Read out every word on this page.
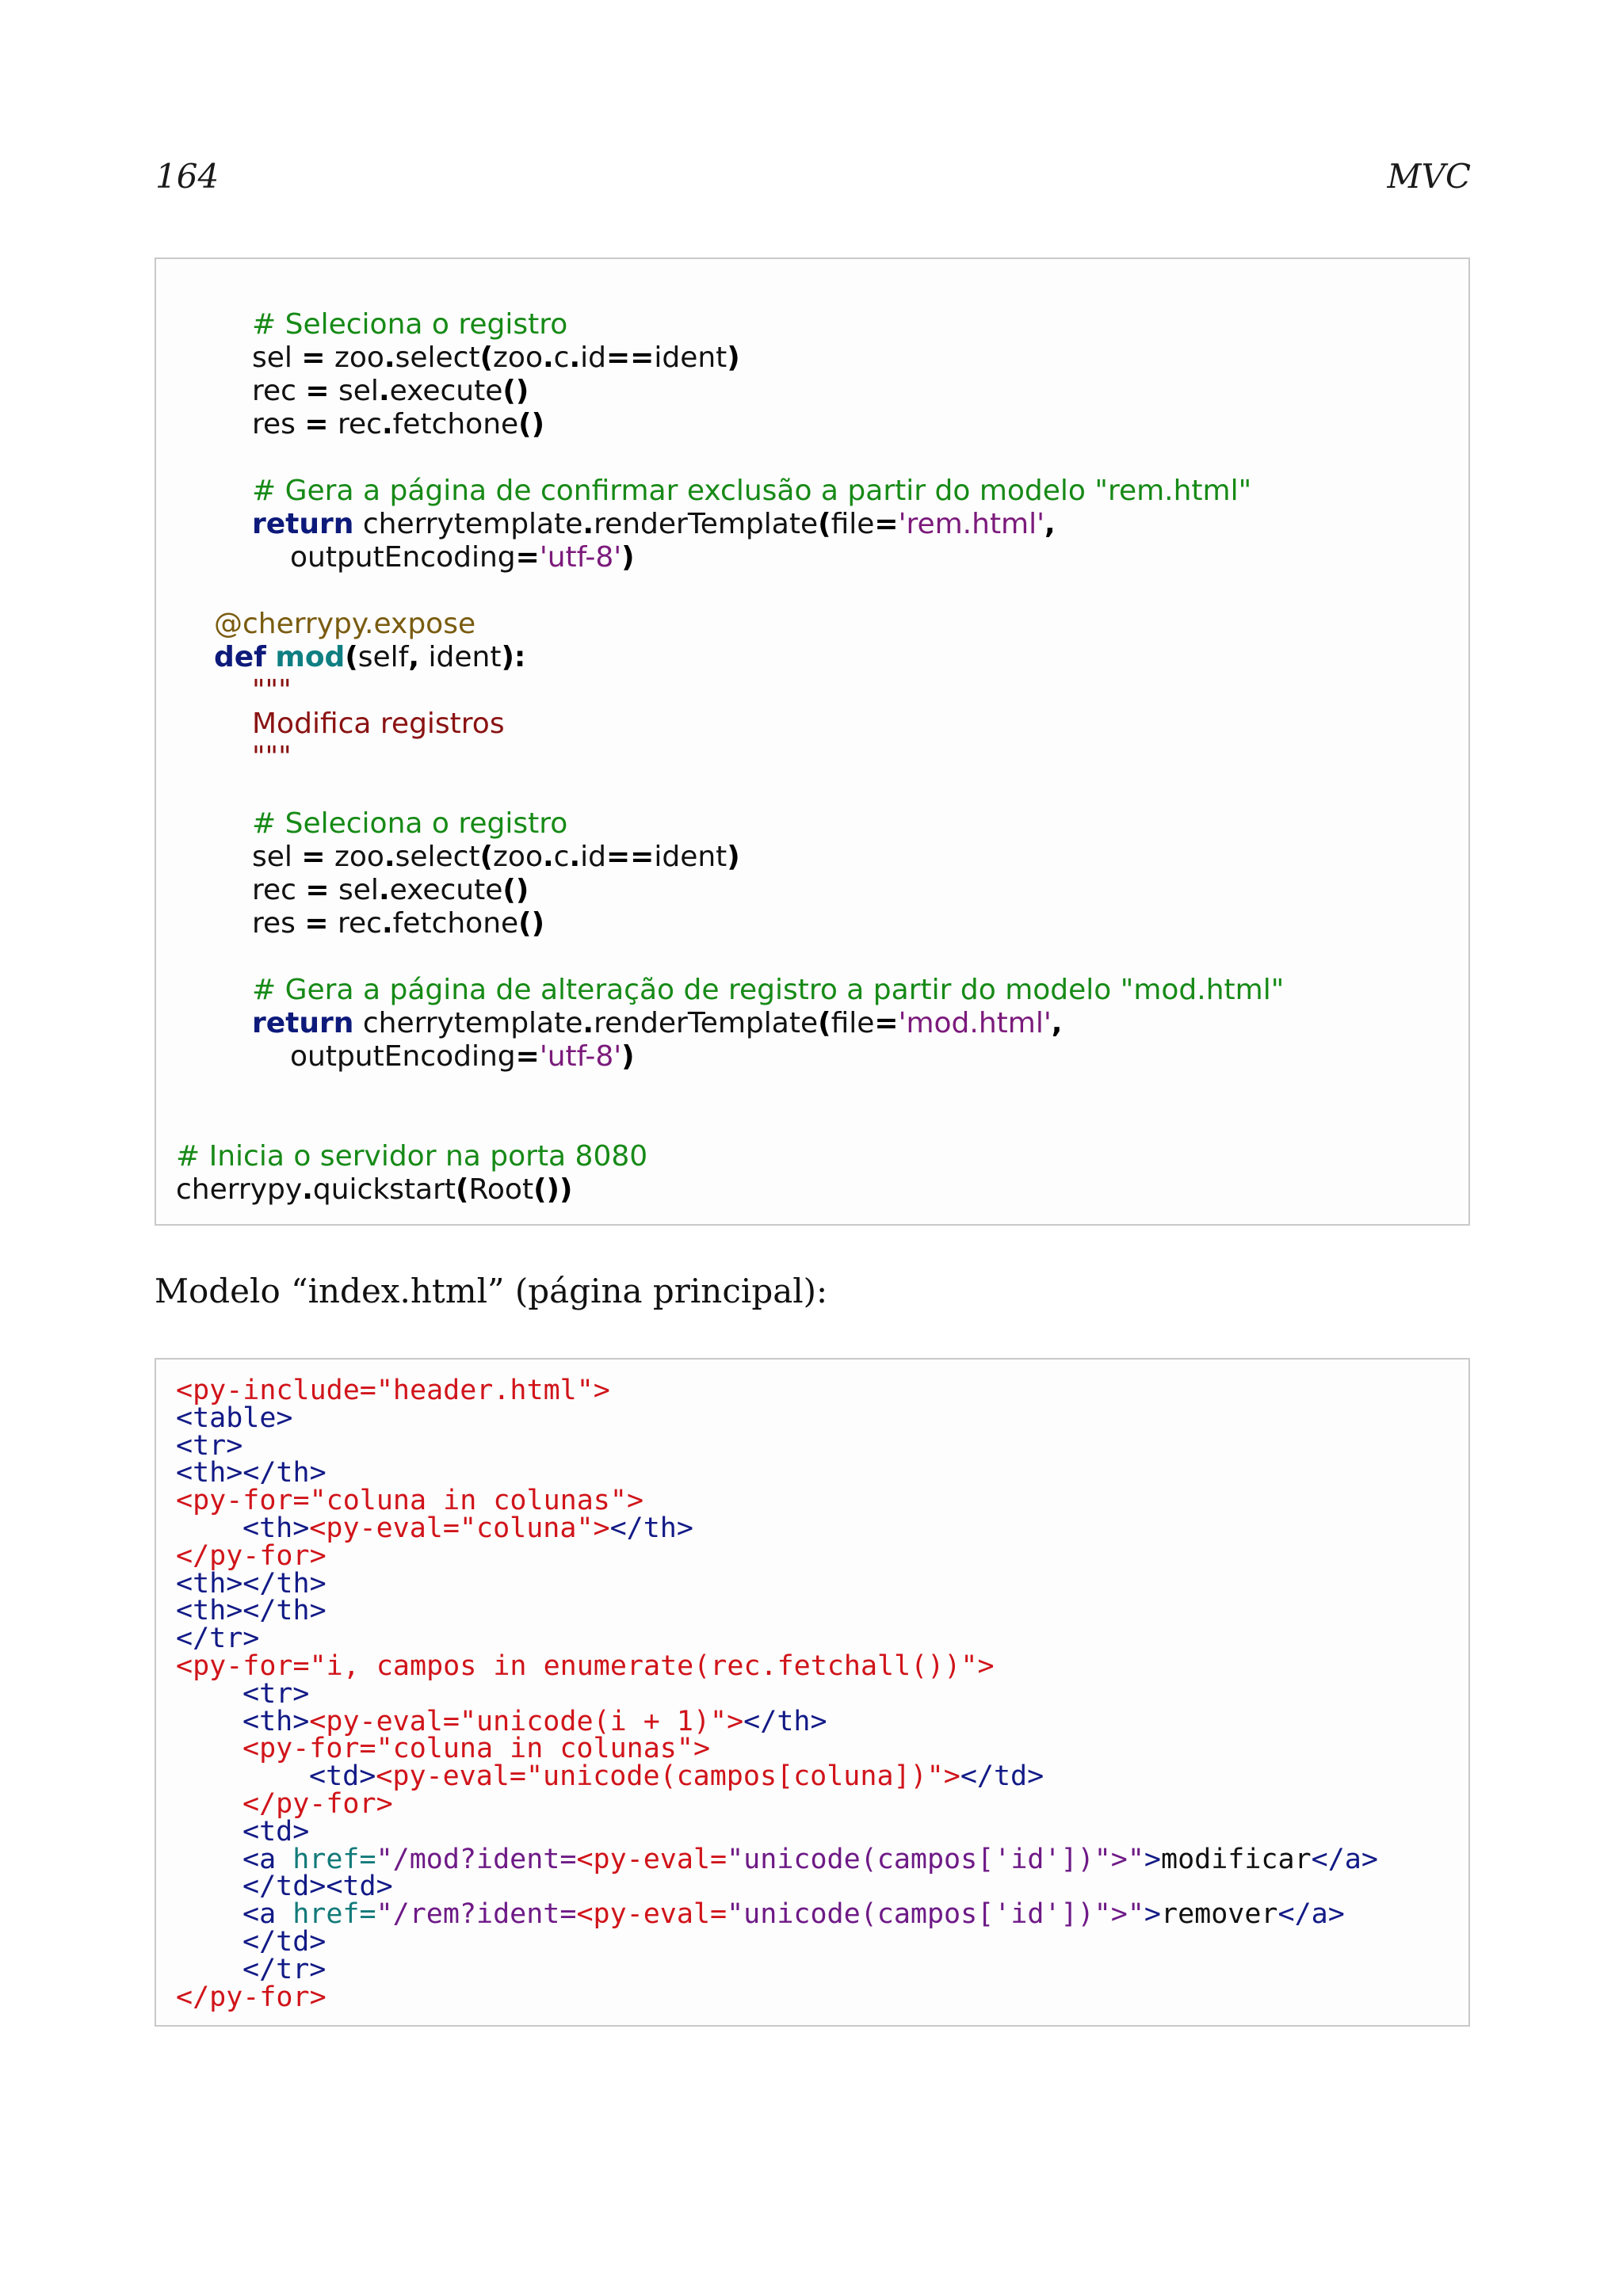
164	MVC
# Seleciona o registro
sel = zoo.select(zoo.c.id==ident)
rec = sel.execute()
res = rec.fetchone()
# Gera a página de confirmar exclusão a partir do modelo "rem.html"
return cherrytemplate.renderTemplate(file='rem.html',
outputEncoding='utf-8')
@cherrypy.expose
def mod(self, ident):
"""
Modifica registros
"""
# Seleciona o registro
sel = zoo.select(zoo.c.id==ident)
rec = sel.execute()
res = rec.fetchone()
# Gera a página de alteração de registro a partir do modelo "mod.html"
return cherrytemplate.renderTemplate(file='mod.html',
outputEncoding='utf-8')
# Inicia o servidor na porta 8080
cherrypy.quickstart(Root())
Modelo “index.html” (página principal):
<py-include="header.html">
<table>
<tr>
<th></th>
<py-for="coluna in colunas">
<th><py-eval="coluna"></th>
</py-for>
<th></th>
<th></th>
</tr>
<py-for="i, campos in enumerate(rec.fetchall())">
<tr>
<th><py-eval="unicode(i + 1)"></th>
<py-for="coluna in colunas">
<td><py-eval="unicode(campos[coluna])"></td>
</py-for>
<td>
<a href="/mod?ident=<py-eval="unicode(campos['id'])">">modificar</a>
</td><td>
<a href="/rem?ident=<py-eval="unicode(campos['id'])">">remover</a>
</td>
</tr>
</py-for>
